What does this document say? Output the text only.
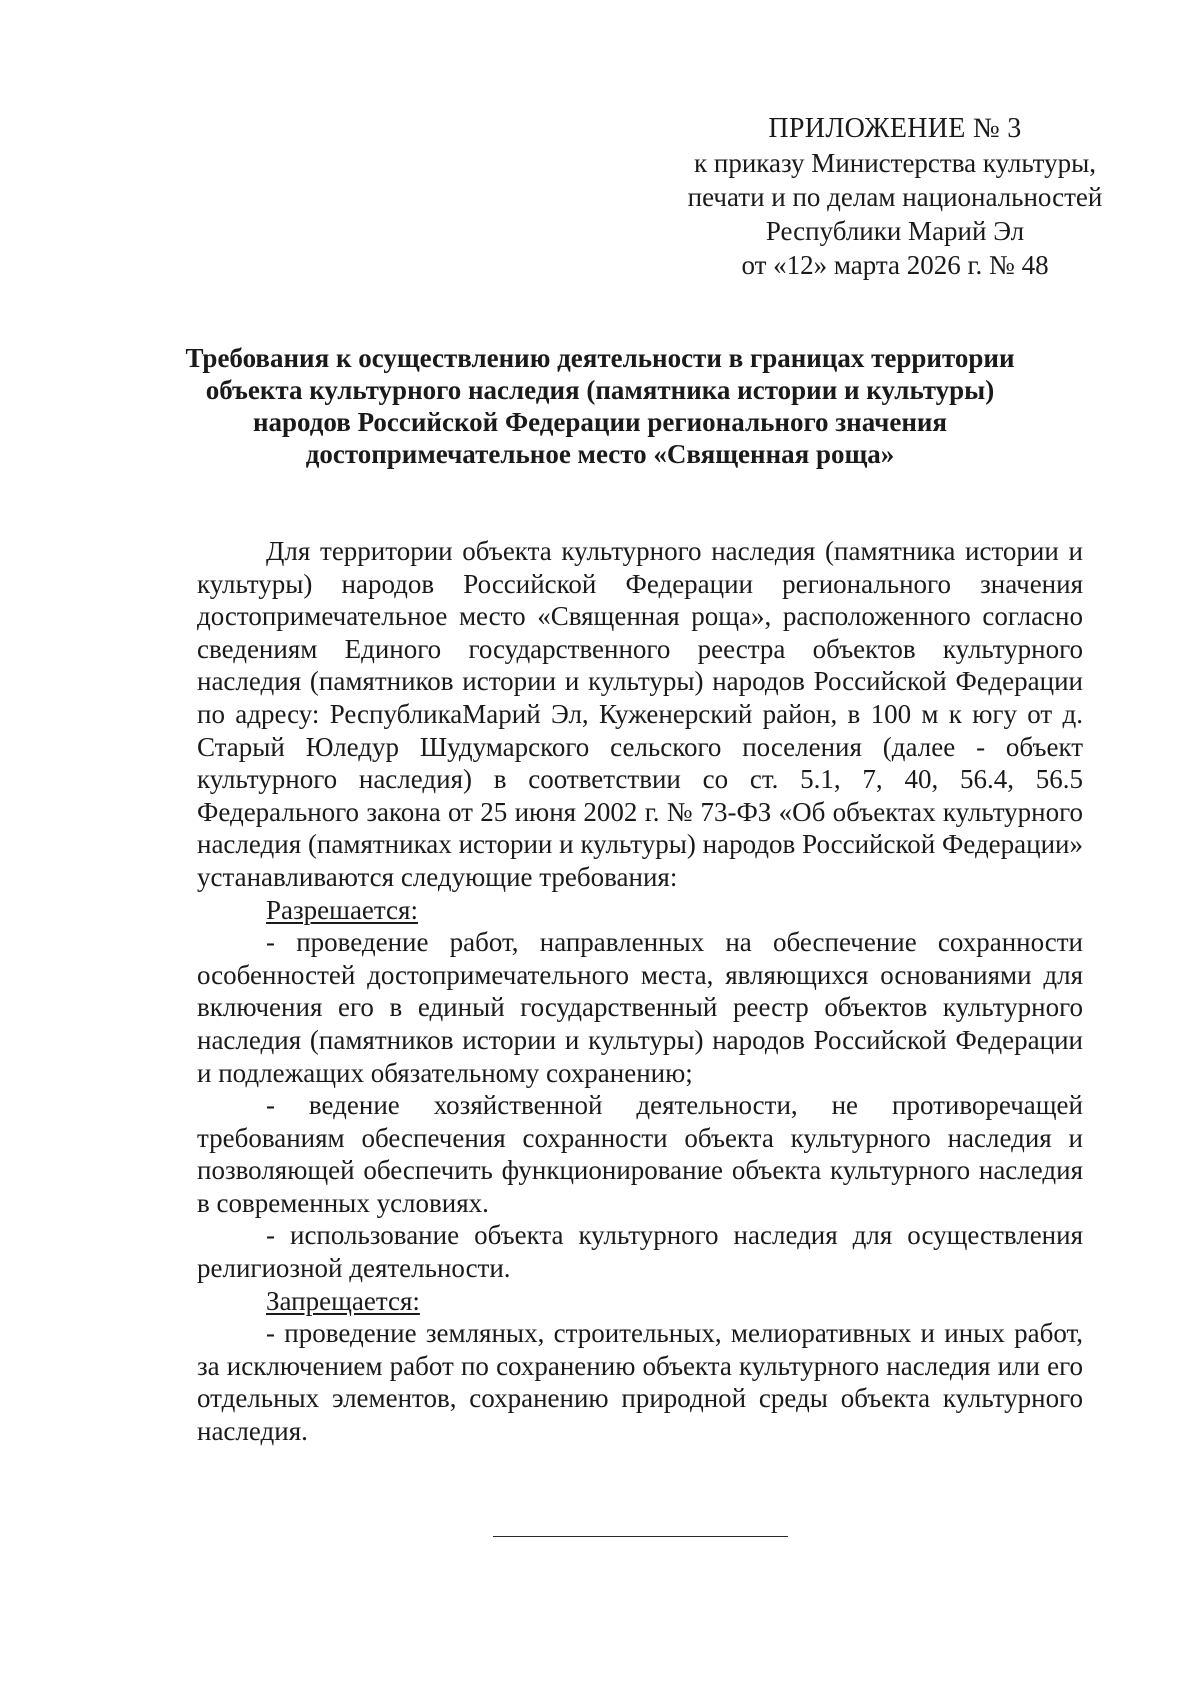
ПРИЛОЖЕНИЕ № 3
к приказу Министерства культуры,
печати и по делам национальностей
Республики Марий Эл
от «12» марта 2026 г. № 48
Требования к осуществлению деятельности в границах территории
объекта культурного наследия (памятника истории и культуры)
народов Российской Федерации регионального значения
достопримечательное место «Священная роща»

Для территории объекта культурного наследия (памятника истории и культуры) народов Российской Федерации регионального значения достопримечательное место «Священная роща», расположенного согласно сведениям Единого государственного реестра объектов культурного наследия (памятников истории и культуры) народов Российской Федерации по адресу: РеспубликаМарий Эл, Куженерский район, в 100 м к югу от д. Старый Юледур Шудумарского сельского поселения (далее - объект культурного наследия) в соответствии со ст. 5.1, 7, 40, 56.4, 56.5 Федерального закона от 25 июня 2002 г. № 73-ФЗ «Об объектах культурного наследия (памятниках истории и культуры) народов Российской Федерации» устанавливаются следующие требования:

Разрешается:

- проведение работ, направленных на обеспечение сохранности особенностей достопримечательного места, являющихся основаниями для включения его в единый государственный реестр объектов культурного наследия (памятников истории и культуры) народов Российской Федерации и подлежащих обязательному сохранению;

- ведение хозяйственной деятельности, не противоречащей требованиям обеспечения сохранности объекта культурного наследия и позволяющей обеспечить функционирование объекта культурного наследия в современных условиях.

- использование объекта культурного наследия для осуществления религиозной деятельности.

Запрещается:

- проведение земляных, строительных, мелиоративных и иных работ, за исключением работ по сохранению объекта культурного наследия или его отдельных элементов, сохранению природной среды объекта культурного наследия.
